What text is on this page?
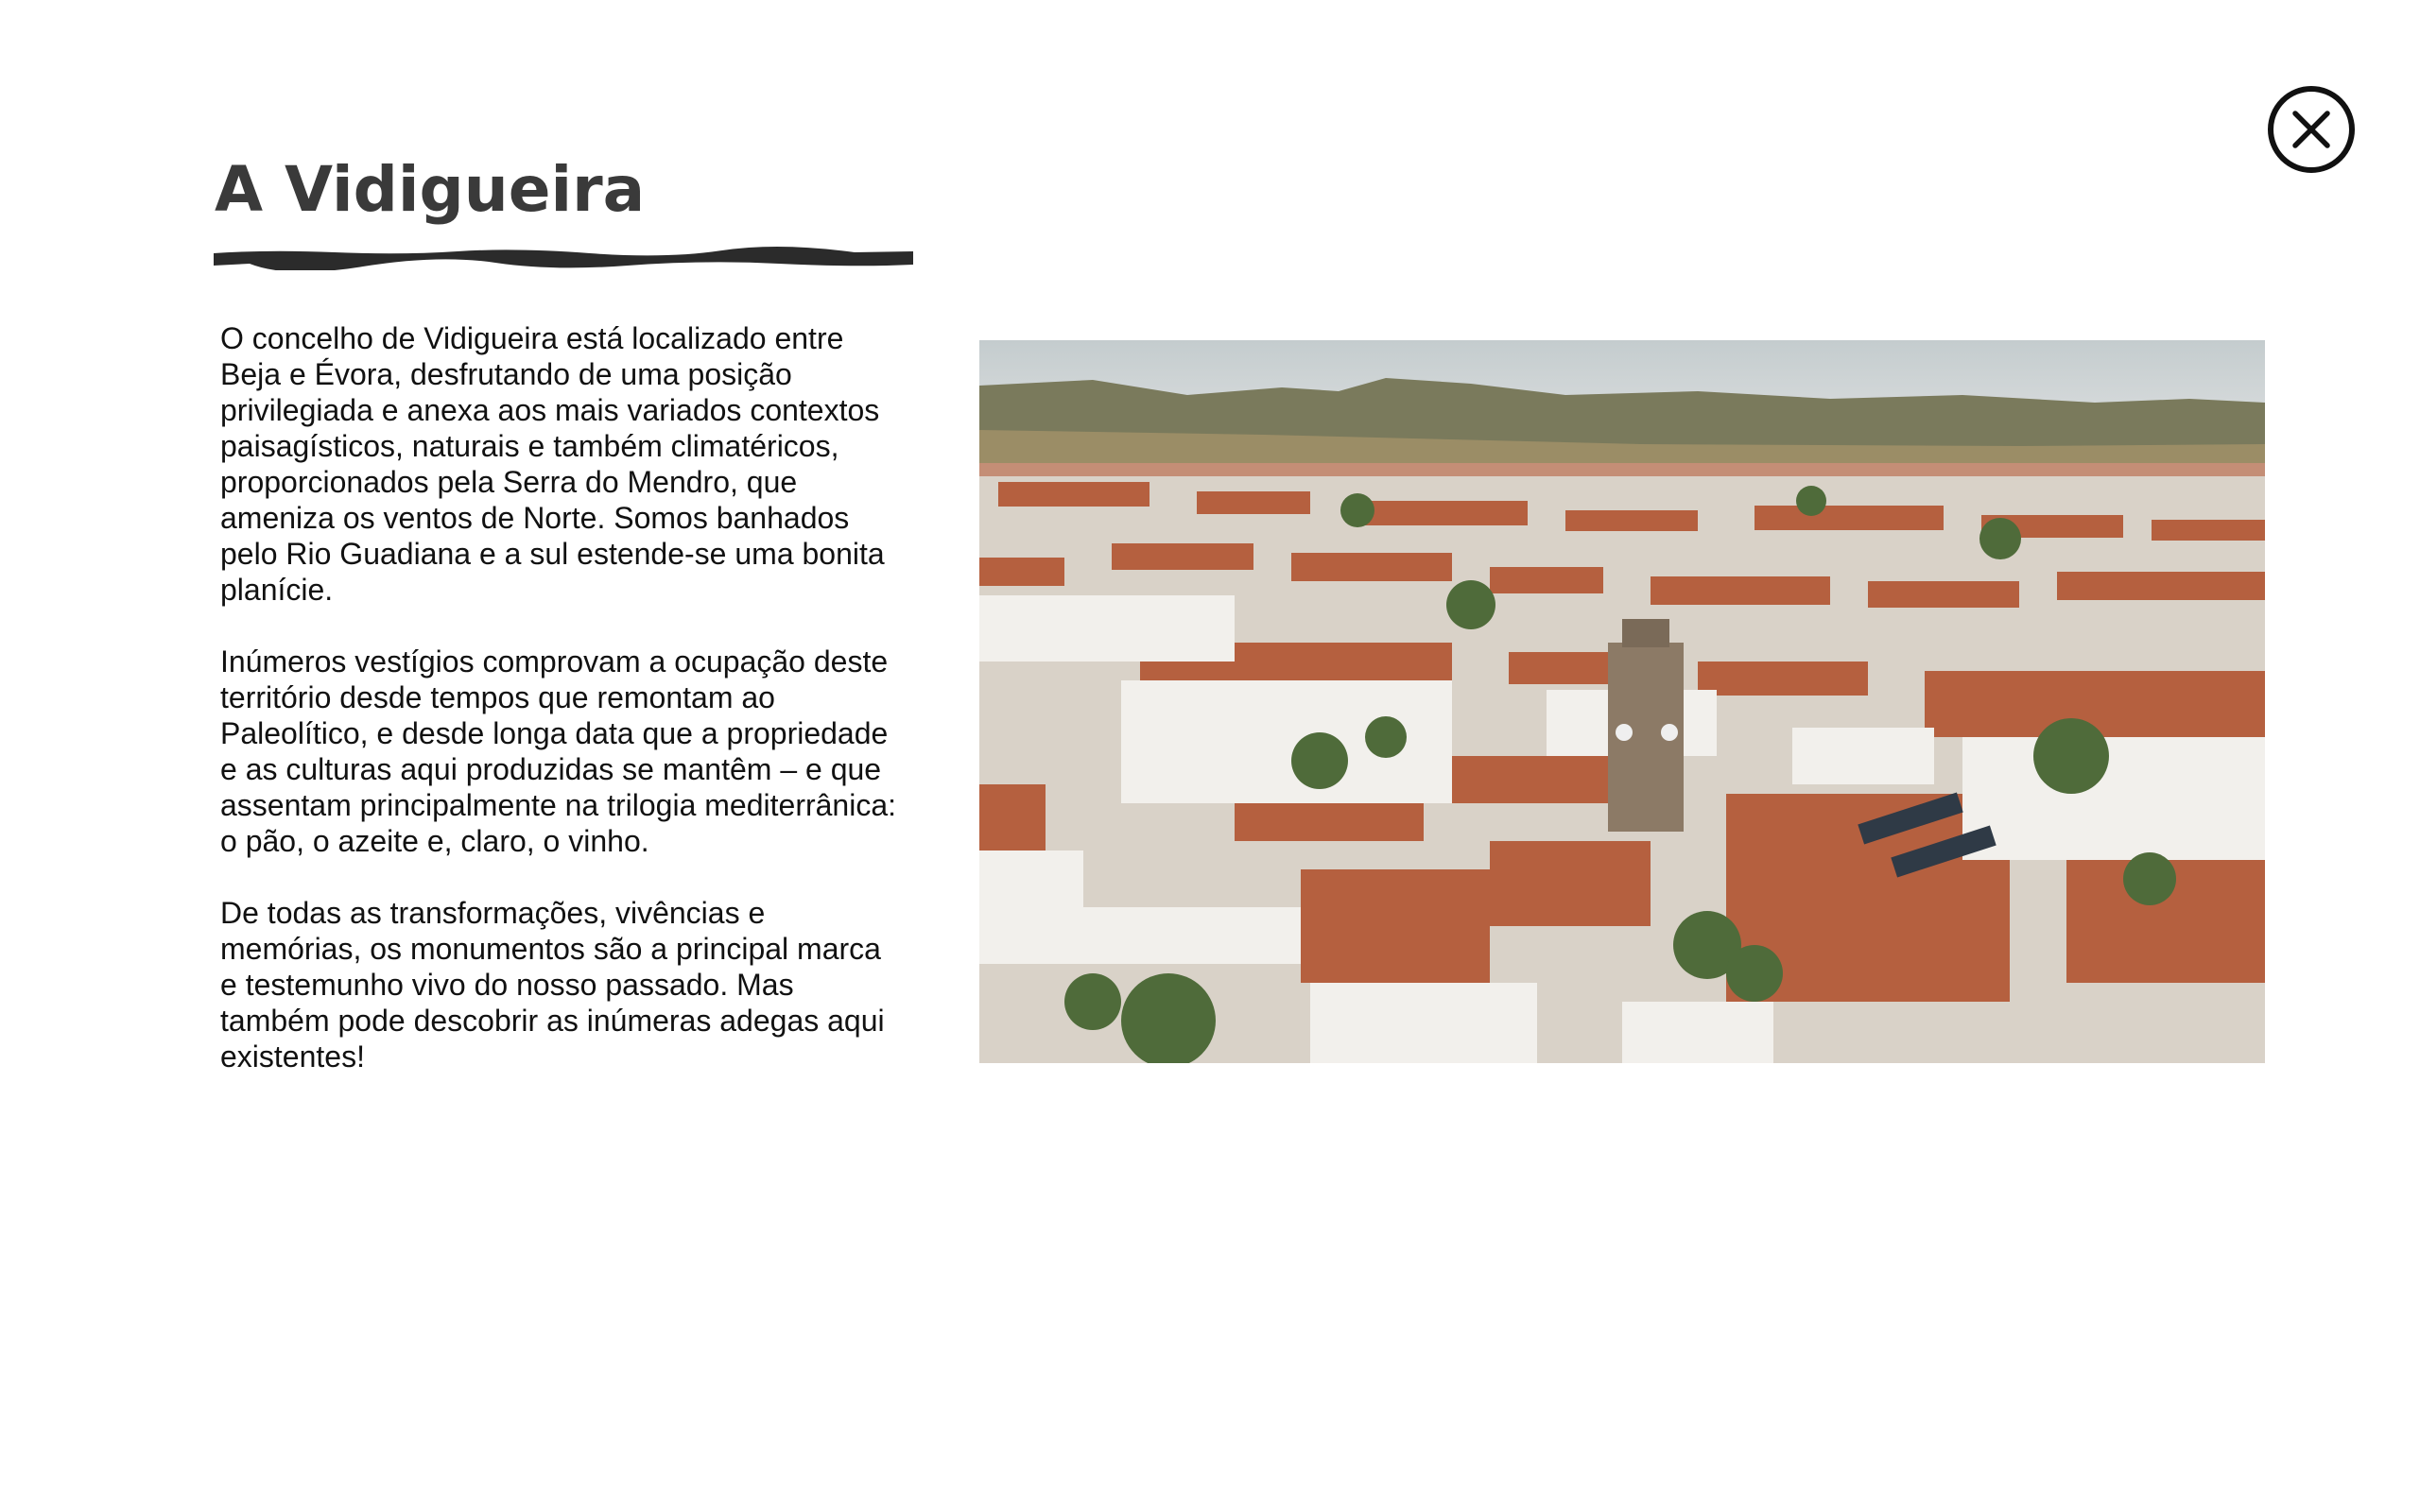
A Vidigueira

O concelho de Vidigueira está localizado entre Beja e Évora, desfrutando de uma posição privilegiada e anexa aos mais variados contextos paisagísticos, naturais e também climatéricos, proporcionados pela Serra do Mendro, que ameniza os ventos de Norte. Somos banhados pelo Rio Guadiana e a sul estende-se uma bonita planície.

Inúmeros vestígios comprovam a ocupação deste território desde tempos que remontam ao Paleolítico, e desde longa data que a propriedade e as culturas aqui produzidas se mantêm – e que assentam principalmente na trilogia mediterrânica: o pão, o azeite e, claro, o vinho.

De todas as transformações, vivências e memórias, os monumentos são a principal marca e testemunho vivo do nosso passado. Mas também pode descobrir as inúmeras adegas aqui existentes!
